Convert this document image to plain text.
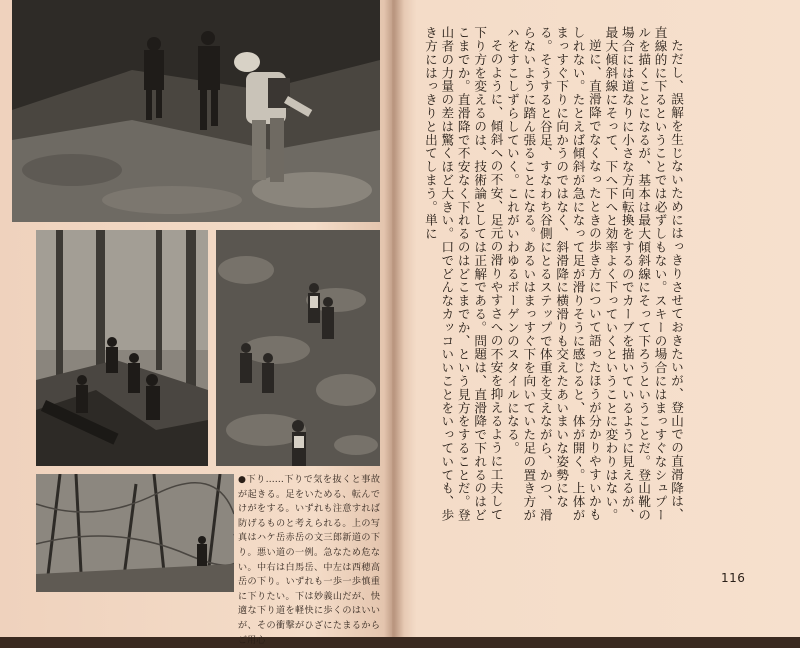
●下り……下りで気を抜くと事故が起きる。足をいためる、転んでけがをする。いずれも注意すれば防げるものと考えられる。上の写真はハケ岳赤岳の文三郎新道の下り。悪い道の一例。急なため危ない。中右は白馬岳、中左は西穂高岳の下り。いずれも一歩一歩慎重に下りたい。下は妙義山だが、快適な下り道を軽快に歩くのはいいが、その衝撃がひざにたまるからご用心

ただし、誤解を生じないためにはっきりさせておきたいが、登山での直滑降は、直線的に下るということでは必ずしもない。スキーの場合にはまっすぐなシュプールを描くことになるが、基本は最大傾斜線にそって下ろうということだ。登山靴の場合には道なりに小さな方向転換をするのでカーブを描いているように見えるが、最大傾斜線にそって、下へ下へと効率よく下っていくということに変わりはない。

逆に、直滑降でなくなったときの歩き方について語ったほうが分かりやすいかもしれない。たとえば傾斜が急になって足が滑りそうに感じると、体が開く。上体がまっすぐ下りに向かうのではなく、斜滑降に横滑りも交えたあいまいな姿勢になる。そうすると谷足、すなわち谷側にとるステップで体重を支えながら、かつ、滑らないように踏ん張ることになる。あるいはまっすぐ下を向いていた足の置き方がハをすこしずらしていく。これがいわゆるボーゲンのスタイルになる。

そのように、傾斜への不安、足元の滑りやすさへの不安を抑えるように工夫して下り方を変えるのは、技術論としては正解である。問題は、直滑降で下れるのはどこまでか。直滑降で不安なく下れるのはどこまでか、という見方をすることだ。登山者の力量の差は驚くほど大きい。口でどんなカッコいいことをいっていても、歩き方にはっきりと出てしまう。単に

116
